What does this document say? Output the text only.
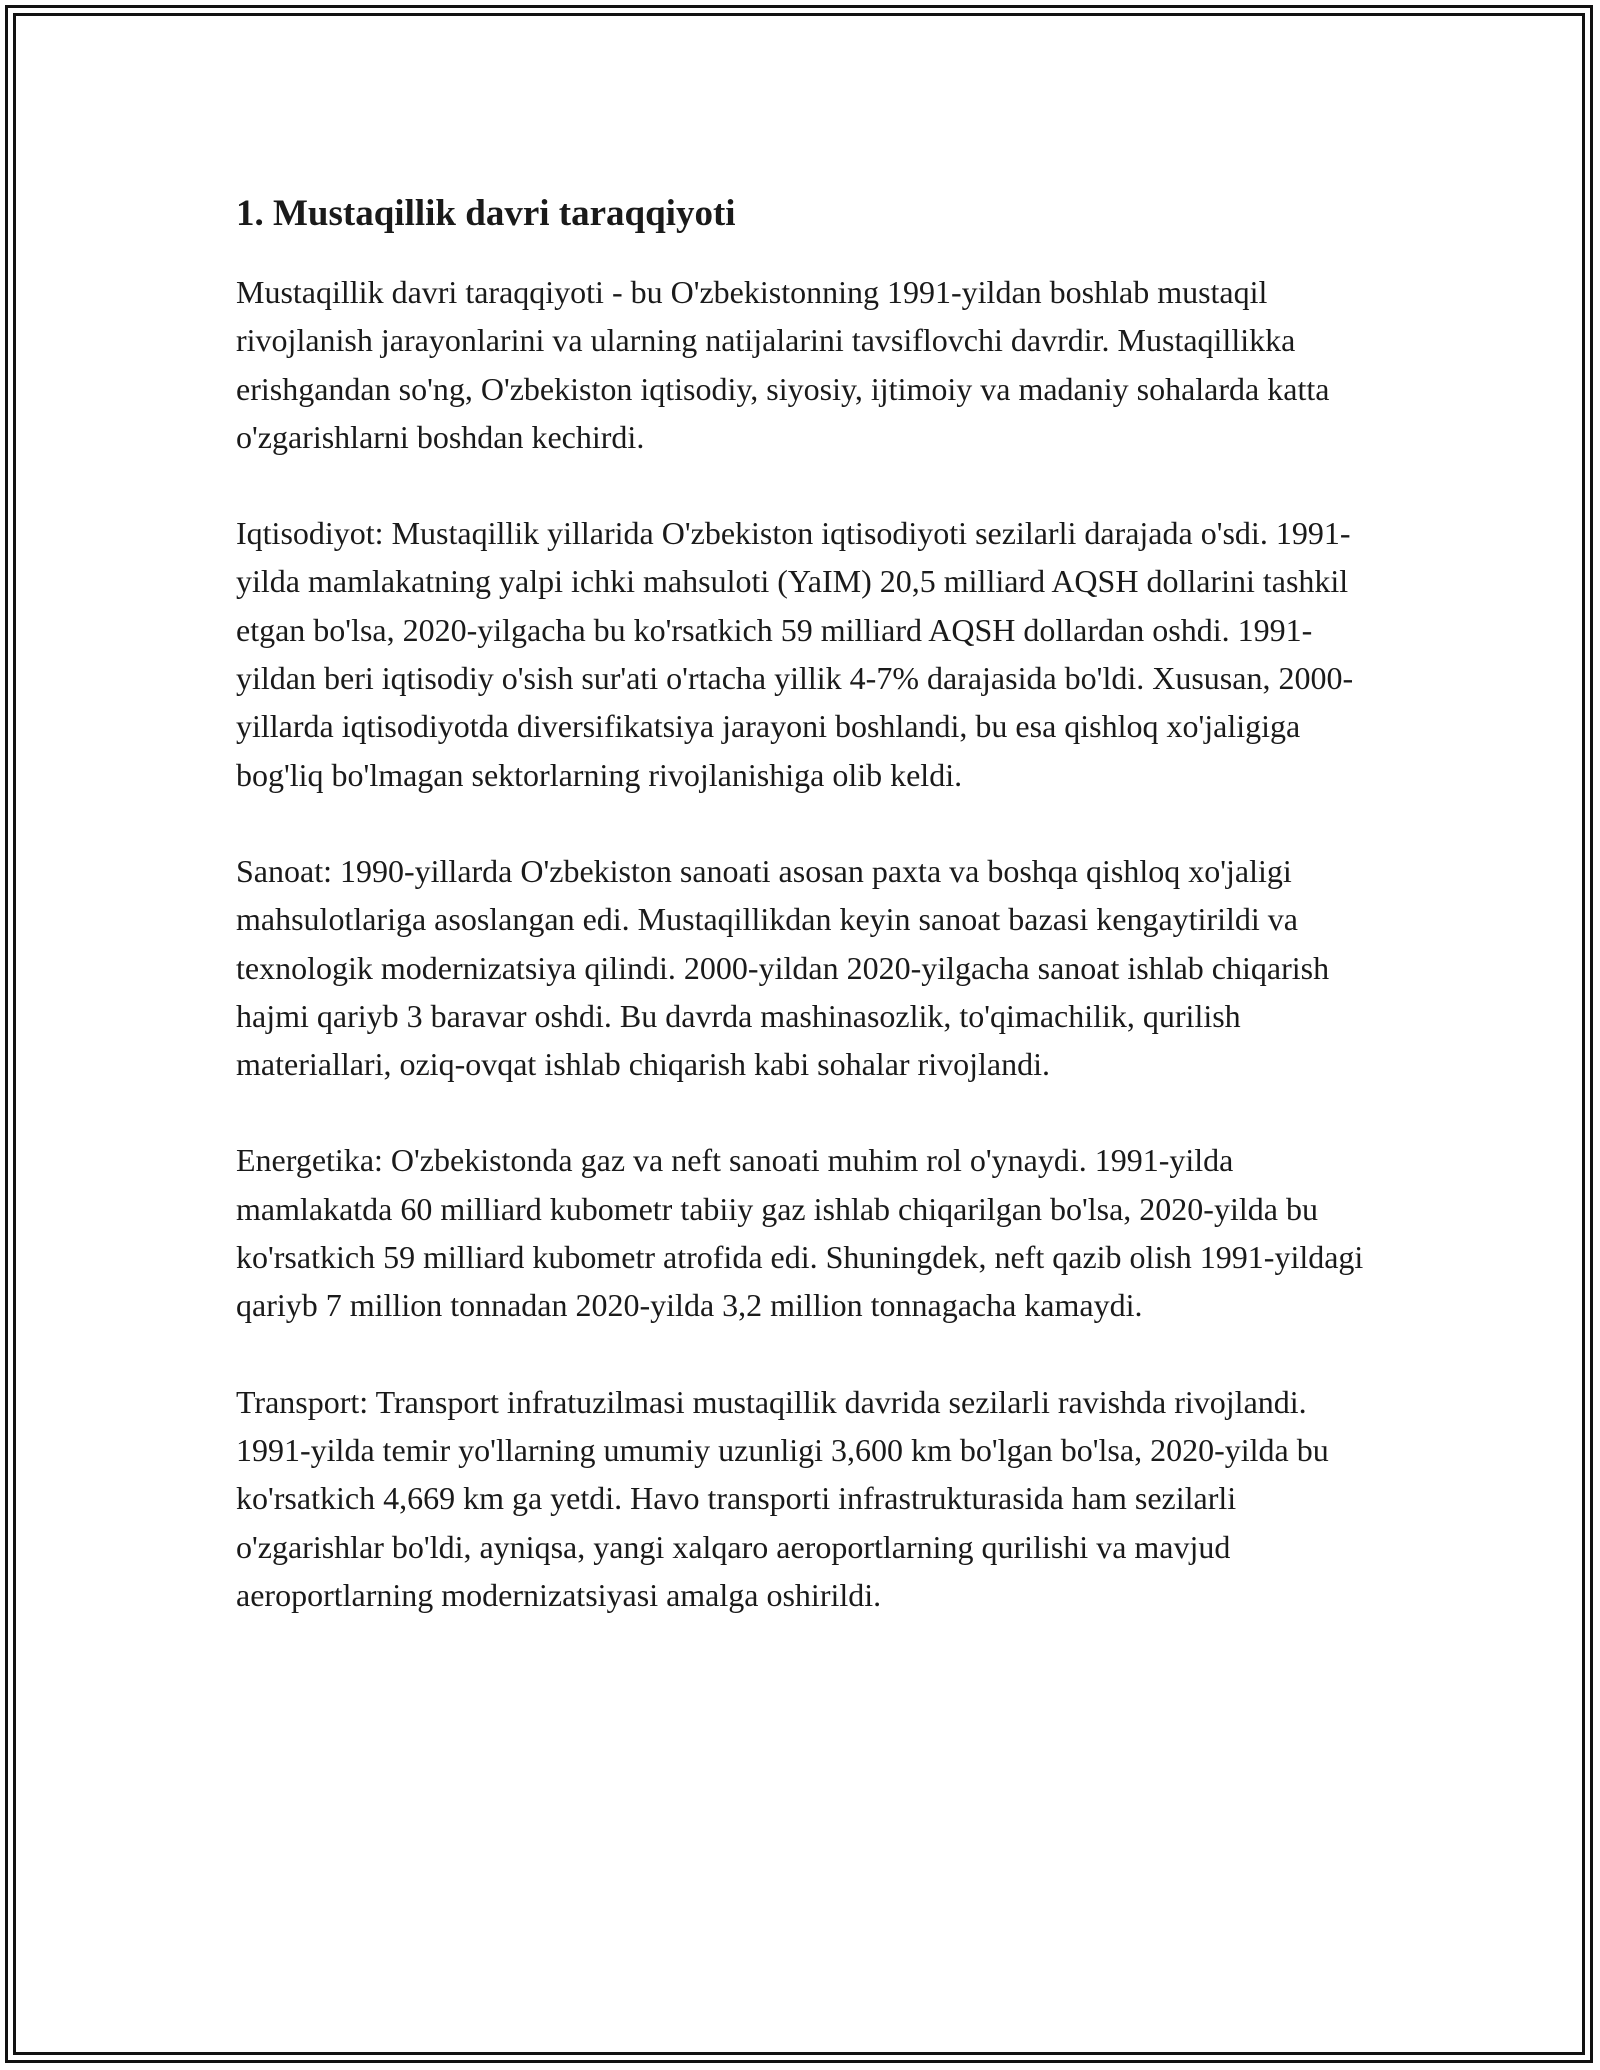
1. Mustaqillik davri taraqqiyoti

Mustaqillik davri taraqqiyoti - bu O'zbekistonning 1991-yildan boshlab mustaqil rivojlanish jarayonlarini va ularning natijalarini tavsiflovchi davrdir. Mustaqillikka erishgandan so'ng, O'zbekiston iqtisodiy, siyosiy, ijtimoiy va madaniy sohalarda katta o'zgarishlarni boshdan kechirdi.

Iqtisodiyot: Mustaqillik yillarida O'zbekiston iqtisodiyoti sezilarli darajada o'sdi. 1991-yilda mamlakatning yalpi ichki mahsuloti (YaIM) 20,5 milliard AQSH dollarini tashkil etgan bo'lsa, 2020-yilgacha bu ko'rsatkich 59 milliard AQSH dollardan oshdi. 1991-yildan beri iqtisodiy o'sish sur'ati o'rtacha yillik 4-7% darajasida bo'ldi. Xususan, 2000-yillarda iqtisodiyotda diversifikatsiya jarayoni boshlandi, bu esa qishloq xo'jaligiga bog'liq bo'lmagan sektorlarning rivojlanishiga olib keldi.

Sanoat: 1990-yillarda O'zbekiston sanoati asosan paxta va boshqa qishloq xo'jaligi mahsulotlariga asoslangan edi. Mustaqillikdan keyin sanoat bazasi kengaytirildi va texnologik modernizatsiya qilindi. 2000-yildan 2020-yilgacha sanoat ishlab chiqarish hajmi qariyb 3 baravar oshdi. Bu davrda mashinasozlik, to'qimachilik, qurilish materiallari, oziq-ovqat ishlab chiqarish kabi sohalar rivojlandi.

Energetika: O'zbekistonda gaz va neft sanoati muhim rol o'ynaydi. 1991-yilda mamlakatda 60 milliard kubometr tabiiy gaz ishlab chiqarilgan bo'lsa, 2020-yilda bu ko'rsatkich 59 milliard kubometr atrofida edi. Shuningdek, neft qazib olish 1991-yildagi qariyb 7 million tonnadan 2020-yilda 3,2 million tonnagacha kamaydi.

Transport: Transport infratuzilmasi mustaqillik davrida sezilarli ravishda rivojlandi. 1991-yilda temir yo'llarning umumiy uzunligi 3,600 km bo'lgan bo'lsa, 2020-yilda bu ko'rsatkich 4,669 km ga yetdi. Havo transporti infrastrukturasida ham sezilarli o'zgarishlar bo'ldi, ayniqsa, yangi xalqaro aeroportlarning qurilishi va mavjud aeroportlarning modernizatsiyasi amalga oshirildi.
